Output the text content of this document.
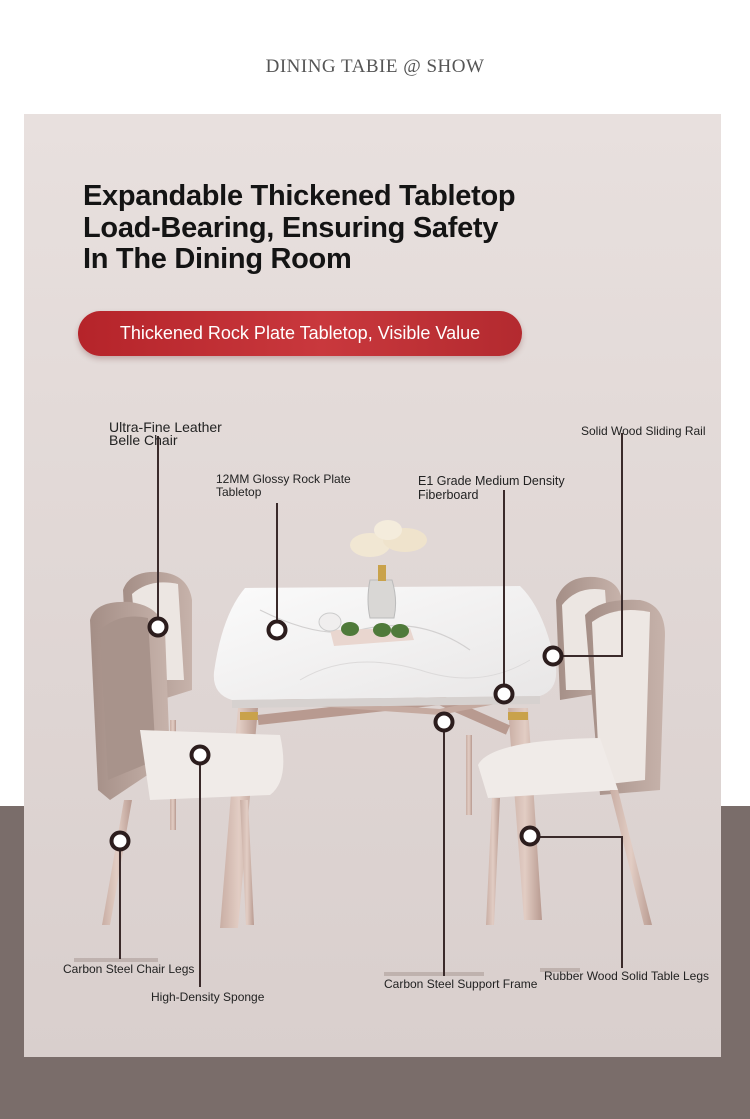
DINING TABIE @ SHOW
Expandable Thickened Tabletop
Load-Bearing, Ensuring Safety
In The Dining Room
Thickened Rock Plate Tabletop, Visible Value
Ultra-Fine Leather
Belle Chair
12MM Glossy Rock Plate
Tabletop
E1 Grade Medium Density
Fiberboard
Solid Wood Sliding Rail
Carbon Steel Chair Legs
High-Density Sponge
Carbon Steel Support Frame
Rubber Wood Solid Table Legs
